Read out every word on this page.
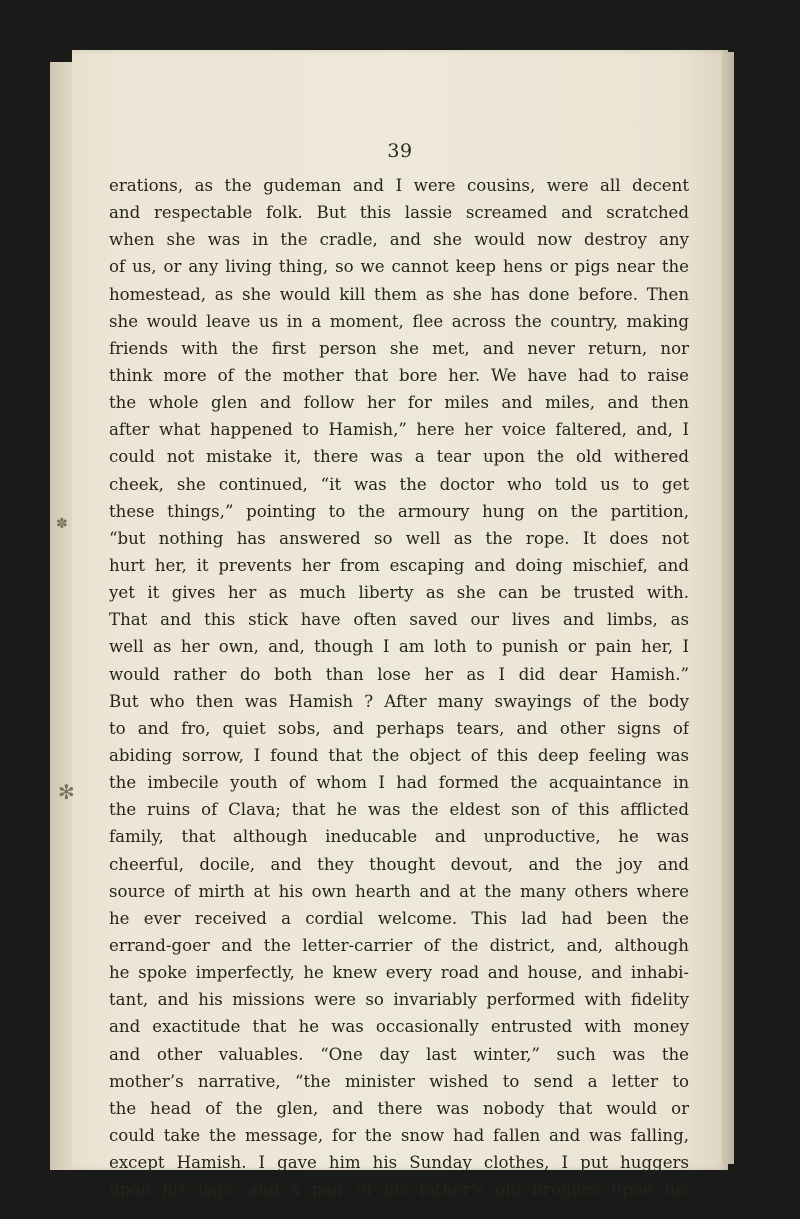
✽
✻
39
erations, as the gudeman and I were cousins, were all decent
and respectable folk. But this lassie screamed and scratched
when she was in the cradle, and she would now destroy any
of us, or any living thing, so we cannot keep hens or pigs near the
homestead, as she would kill them as she has done before. Then
she would leave us in a moment, flee across the country, making
friends with the first person she met, and never return, nor
think more of the mother that bore her. We have had to raise
the whole glen and follow her for miles and miles, and then
after what happened to Hamish,” here her voice faltered, and, I
could not mistake it, there was a tear upon the old withered
cheek, she continued, “it was the doctor who told us to get
these things,” pointing to the armoury hung on the partition,
“but nothing has answered so well as the rope. It does not
hurt her, it prevents her from escaping and doing mischief, and
yet it gives her as much liberty as she can be trusted with.
That and this stick have often saved our lives and limbs, as
well as her own, and, though I am loth to punish or pain her, I
would rather do both than lose her as I did dear Hamish.”
But who then was Hamish ? After many swayings of the body
to and fro, quiet sobs, and perhaps tears, and other signs of
abiding sorrow, I found that the object of this deep feeling was
the imbecile youth of whom I had formed the acquaintance in
the ruins of Clava; that he was the eldest son of this afflicted
family, that although ineducable and unproductive, he was
cheerful, docile, and they thought devout, and the joy and
source of mirth at his own hearth and at the many others where
he ever received a cordial welcome. This lad had been the
errand-goer and the letter-carrier of the district, and, although
he spoke imperfectly, he knew every road and house, and inhabi-
tant, and his missions were so invariably performed with fidelity
and exactitude that he was occasionally entrusted with money
and other valuables. “One day last winter,” such was the
mother’s narrative, “the minister wished to send a letter to
the head of the glen, and there was nobody that would or
could take the message, for the snow had fallen and was falling,
except Hamish. I gave him his Sunday clothes, I put huggers
upon his legs, and a pair of his father’s old brogues upon his
